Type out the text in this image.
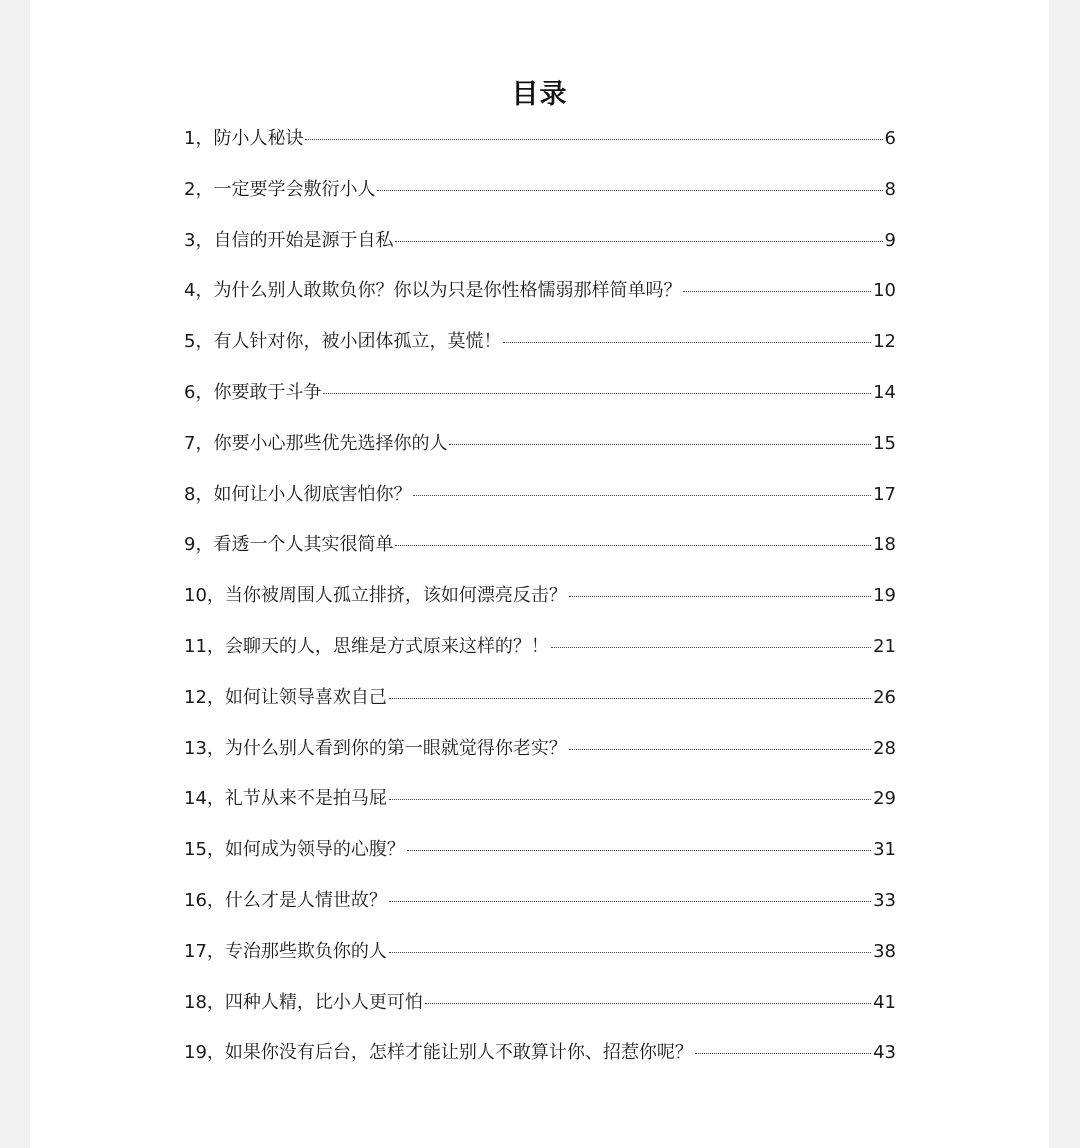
目录
1，防小人秘诀	6
2，一定要学会敷衍小人	8
3，自信的开始是源于自私	9
4，为什么别人敢欺负你？你以为只是你性格懦弱那样简单吗？	10
5，有人针对你，被小团体孤立，莫慌！	12
6，你要敢于斗争	14
7，你要小心那些优先选择你的人	15
8，如何让小人彻底害怕你？	17
9，看透一个人其实很简单	18
10，当你被周围人孤立排挤，该如何漂亮反击？	19
11，会聊天的人，思维是方式原来这样的？！	21
12，如何让领导喜欢自己	26
13，为什么别人看到你的第一眼就觉得你老实？	28
14，礼节从来不是拍马屁	29
15，如何成为领导的心腹？	31
16，什么才是人情世故？	33
17，专治那些欺负你的人	38
18，四种人精，比小人更可怕	41
19，如果你没有后台，怎样才能让别人不敢算计你、招惹你呢？	43
